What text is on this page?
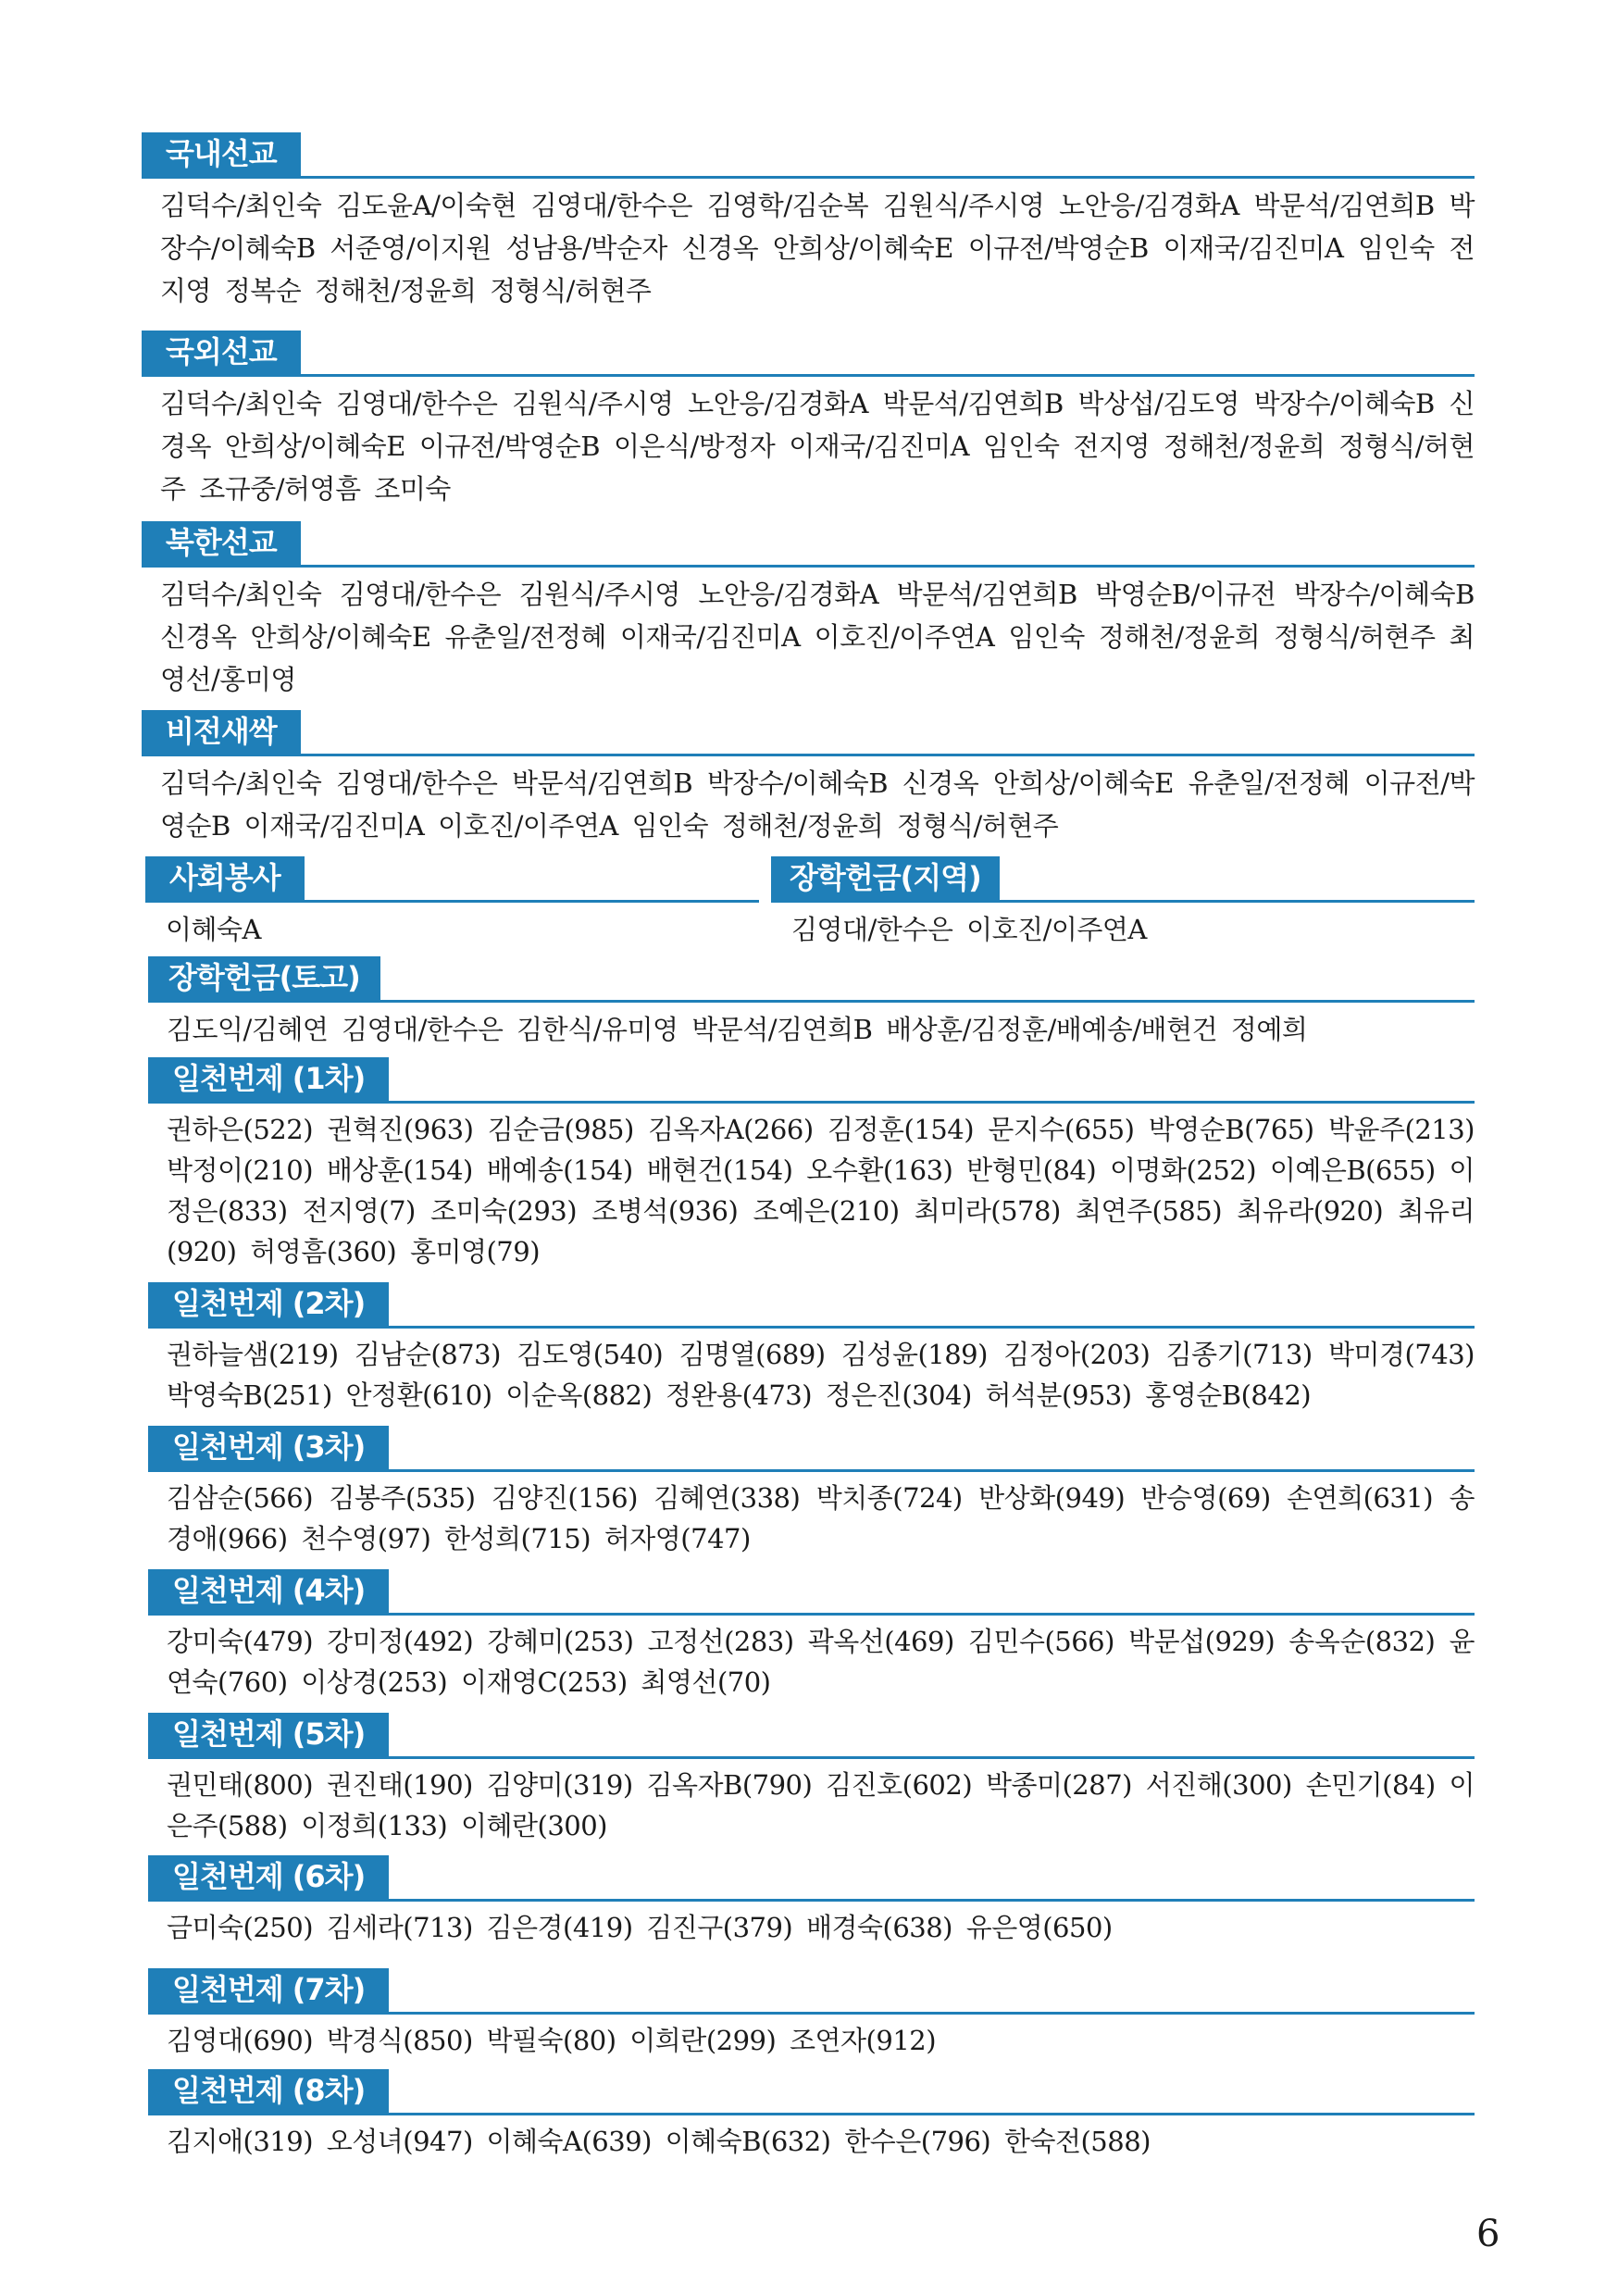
국내선교
김덕수/최인숙 김도윤A/이숙현 김영대/한수은 김영학/김순복 김원식/주시영 노안응/김경화A 박문석/김연희B 박장수/이혜숙B 서준영/이지원 성남용/박순자 신경옥 안희상/이혜숙E 이규전/박영순B 이재국/김진미A 임인숙 전지영 정복순 정해천/정윤희 정형식/허현주
국외선교
김덕수/최인숙 김영대/한수은 김원식/주시영 노안응/김경화A 박문석/김연희B 박상섭/김도영 박장수/이혜숙B 신경옥 안희상/이혜숙E 이규전/박영순B 이은식/방정자 이재국/김진미A 임인숙 전지영 정해천/정윤희 정형식/허현주 조규중/허영흠 조미숙
북한선교
김덕수/최인숙 김영대/한수은 김원식/주시영 노안응/김경화A 박문석/김연희B 박영순B/이규전 박장수/이혜숙B 신경옥 안희상/이혜숙E 유춘일/전정혜 이재국/김진미A 이호진/이주연A 임인숙 정해천/정윤희 정형식/허현주 최영선/홍미영
비전새싹
김덕수/최인숙 김영대/한수은 박문석/김연희B 박장수/이혜숙B 신경옥 안희상/이혜숙E 유춘일/전정혜 이규전/박영순B 이재국/김진미A 이호진/이주연A 임인숙 정해천/정윤희 정형식/허현주
사회봉사
이혜숙A
장학헌금(지역)
김영대/한수은 이호진/이주연A
장학헌금(토고)
김도익/김혜연 김영대/한수은 김한식/유미영 박문석/김연희B 배상훈/김정훈/배예송/배현건 정예희
일천번제 (1차)
권하은(522) 권혁진(963) 김순금(985) 김옥자A(266) 김정훈(154) 문지수(655) 박영순B(765) 박윤주(213) 박정이(210) 배상훈(154) 배예송(154) 배현건(154) 오수환(163) 반형민(84) 이명화(252) 이예은B(655) 이정은(833) 전지영(7) 조미숙(293) 조병석(936) 조예은(210) 최미라(578) 최연주(585) 최유라(920) 최유리(920) 허영흠(360) 홍미영(79)
일천번제 (2차)
권하늘샘(219) 김남순(873) 김도영(540) 김명열(689) 김성윤(189) 김정아(203) 김종기(713) 박미경(743) 박영숙B(251) 안정환(610) 이순옥(882) 정완용(473) 정은진(304) 허석분(953) 홍영순B(842)
일천번제 (3차)
김삼순(566) 김봉주(535) 김양진(156) 김혜연(338) 박치종(724) 반상화(949) 반승영(69) 손연희(631) 송경애(966) 천수영(97) 한성희(715) 허자영(747)
일천번제 (4차)
강미숙(479) 강미정(492) 강혜미(253) 고정선(283) 곽옥선(469) 김민수(566) 박문섭(929) 송옥순(832) 윤연숙(760) 이상경(253) 이재영C(253) 최영선(70)
일천번제 (5차)
권민태(800) 권진태(190) 김양미(319) 김옥자B(790) 김진호(602) 박종미(287) 서진해(300) 손민기(84) 이은주(588) 이정희(133) 이혜란(300)
일천번제 (6차)
금미숙(250) 김세라(713) 김은경(419) 김진구(379) 배경숙(638) 유은영(650)
일천번제 (7차)
김영대(690) 박경식(850) 박필숙(80) 이희란(299) 조연자(912)
일천번제 (8차)
김지애(319) 오성녀(947) 이혜숙A(639) 이혜숙B(632) 한수은(796) 한숙전(588)
6
